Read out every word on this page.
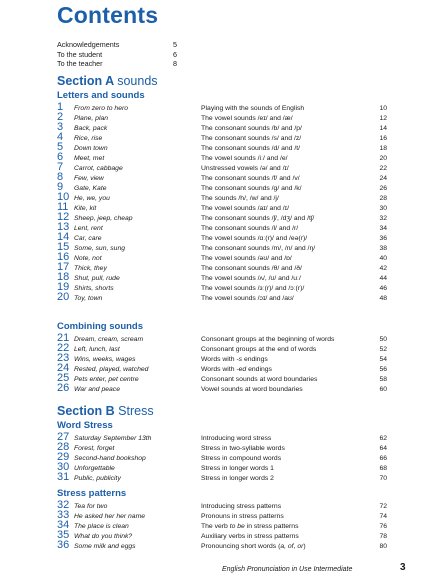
Contents
Acknowledgements	5
To the student	6
To the teacher	8
Section A sounds
Letters and sounds
1	From zero to hero	Playing with the sounds of English	10
2	Plane, plan	The vowel sounds /eɪ/ and /æ/	12
3	Back, pack	The consonant sounds /b/ and /p/	14
4	Rice, rise	The consonant sounds /s/ and /z/	16
5	Down town	The consonant sounds /d/ and /t/	18
6	Meet, met	The vowel sounds /iː/ and /e/	20
7	Carrot, cabbage	Unstressed vowels /ə/ and /ɪ/	22
8	Few, view	The consonant sounds /f/ and /v/	24
9	Gate, Kate	The consonant sounds /g/ and /k/	26
10 He, we, you	The sounds /h/, /w/ and /j/	28
11 Kite, kit	The vowel sounds /aɪ/ and /ɪ/	30
12 Sheep, jeep, cheap	The consonant sounds /ʃ/, /dʒ/ and /tʃ/	32
13 Lent, rent	The consonant sounds /l/ and /r/	34
14 Car, care	The vowel sounds /ɑː(r)/ and /eə(r)/	36
15 Some, sun, sung	The consonant sounds /m/, /n/ and /ŋ/	38
16 Note, not	The vowel sounds /əʊ/ and /ɒ/	40
17 Thick, they	The consonant sounds /θ/ and /ð/	42
18 Shut, pull, rude	The vowel sounds /ʌ/, /ʊ/ and /uː/	44
19 Shirts, shorts	The vowel sounds /ɜː(r)/ and /ɔː(r)/	46
20 Toy, town	The vowel sounds /ɔɪ/ and /aʊ/	48
Combining sounds
21 Dream, cream, scream	Consonant groups at the beginning of words	50
22 Left, lunch, last	Consonant groups at the end of words	52
23 Wins, weeks, wages	Words with -s endings	54
24 Rested, played, watched	Words with -ed endings	56
25 Pets enter, pet centre	Consonant sounds at word boundaries	58
26 War and peace	Vowel sounds at word boundaries	60
Section B Stress
Word Stress
27 Saturday September 13th	Introducing word stress	62
28 Forest, forget	Stress in two-syllable words	64
29 Second-hand bookshop	Stress in compound words	66
30 Unforgettable	Stress in longer words 1	68
31 Public, publicity	Stress in longer words 2	70
Stress patterns
32 Tea for two	Introducing stress patterns	72
33 He asked her her name	Pronouns in stress patterns	74
34 The place is clean	The verb to be in stress patterns	76
35 What do you think?	Auxiliary verbs in stress patterns	78
36 Some milk and eggs	Pronouncing short words (a, of, or)	80
English Pronunciation in Use Intermediate	3
